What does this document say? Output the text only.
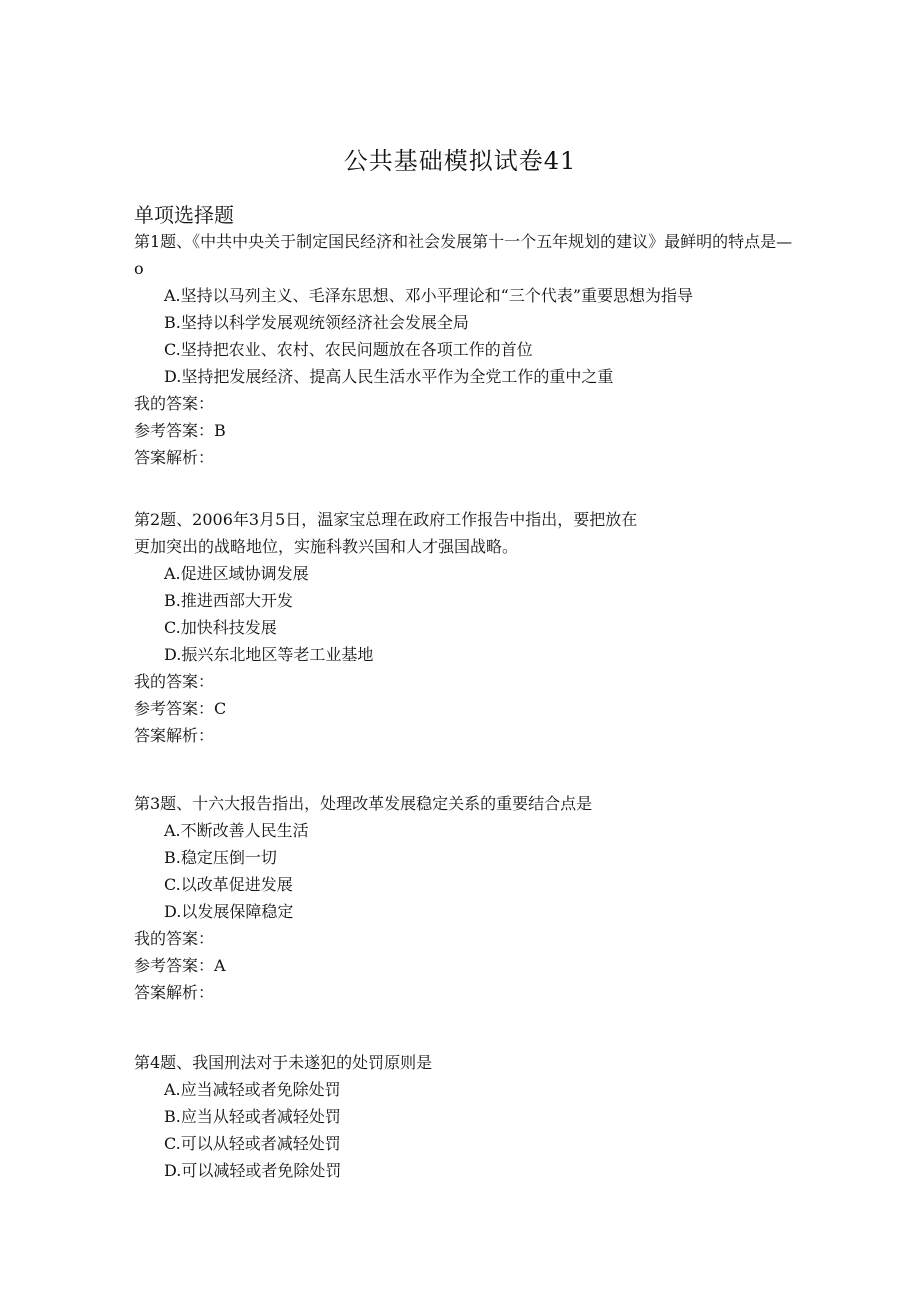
公共基础模拟试卷41
单项选择题

第1题、《中共中央关于制定国民经济和社会发展第十一个五年规划的建议》最鲜明的特点是—o

A.坚持以马列主义、毛泽东思想、邓小平理论和“三个代表”重要思想为指导
B.坚持以科学发展观统领经济社会发展全局
C.坚持把农业、农村、农民问题放在各项工作的首位
D.坚持把发展经济、提高人民生活水平作为全党工作的重中之重
我的答案：
参考答案：B
答案解析：

第2题、2006年3月5日，温家宝总理在政府工作报告中指出，要把放在
更加突出的战略地位，实施科教兴国和人才强国战略。

A.促进区域协调发展
B.推进西部大开发
C.加快科技发展
D.振兴东北地区等老工业基地
我的答案：
参考答案：C
答案解析：

第3题、十六大报告指出，处理改革发展稳定关系的重要结合点是

A.不断改善人民生活
B.稳定压倒一切
C.以改革促进发展
D.以发展保障稳定
我的答案：
参考答案：A
答案解析：

第4题、我国刑法对于未遂犯的处罚原则是

A.应当减轻或者免除处罚
B.应当从轻或者减轻处罚
C.可以从轻或者减轻处罚
D.可以减轻或者免除处罚
